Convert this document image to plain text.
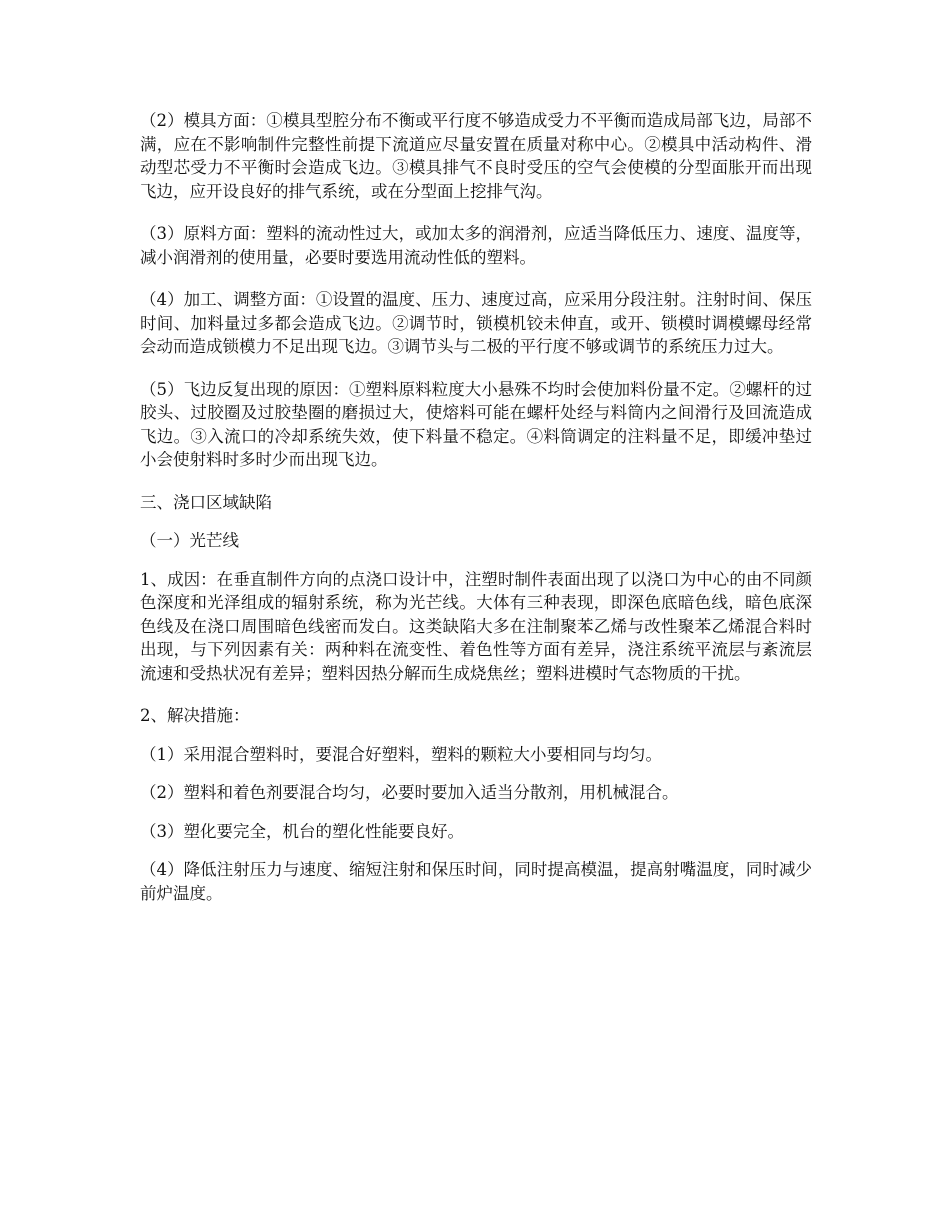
（2）模具方面：①模具型腔分布不衡或平行度不够造成受力不平衡而造成局部飞边，局部不满，应在不影响制件完整性前提下流道应尽量安置在质量对称中心。②模具中活动构件、滑动型芯受力不平衡时会造成飞边。③模具排气不良时受压的空气会使模的分型面胀开而出现飞边，应开设良好的排气系统，或在分型面上挖排气沟。

（3）原料方面：塑料的流动性过大，或加太多的润滑剂，应适当降低压力、速度、温度等，减小润滑剂的使用量，必要时要选用流动性低的塑料。

（4）加工、调整方面：①设置的温度、压力、速度过高，应采用分段注射。注射时间、保压时间、加料量过多都会造成飞边。②调节时，锁模机铰未伸直，或开、锁模时调模螺母经常会动而造成锁模力不足出现飞边。③调节头与二极的平行度不够或调节的系统压力过大。

（5）飞边反复出现的原因：①塑料原料粒度大小悬殊不均时会使加料份量不定。②螺杆的过胶头、过胶圈及过胶垫圈的磨损过大，使熔料可能在螺杆处经与料筒内之间滑行及回流造成飞边。③入流口的冷却系统失效，使下料量不稳定。④料筒调定的注料量不足，即缓冲垫过小会使射料时多时少而出现飞边。

三、浇口区域缺陷

（一）光芒线

1、成因：在垂直制件方向的点浇口设计中，注塑时制件表面出现了以浇口为中心的由不同颜色深度和光泽组成的辐射系统，称为光芒线。大体有三种表现，即深色底暗色线，暗色底深色线及在浇口周围暗色线密而发白。这类缺陷大多在注制聚苯乙烯与改性聚苯乙烯混合料时出现，与下列因素有关：两种料在流变性、着色性等方面有差异，浇注系统平流层与紊流层流速和受热状况有差异；塑料因热分解而生成烧焦丝；塑料进模时气态物质的干扰。

2、解决措施：

（1）采用混合塑料时，要混合好塑料，塑料的颗粒大小要相同与均匀。

（2）塑料和着色剂要混合均匀，必要时要加入适当分散剂，用机械混合。

（3）塑化要完全，机台的塑化性能要良好。

（4）降低注射压力与速度、缩短注射和保压时间，同时提高模温，提高射嘴温度，同时减少前炉温度。
